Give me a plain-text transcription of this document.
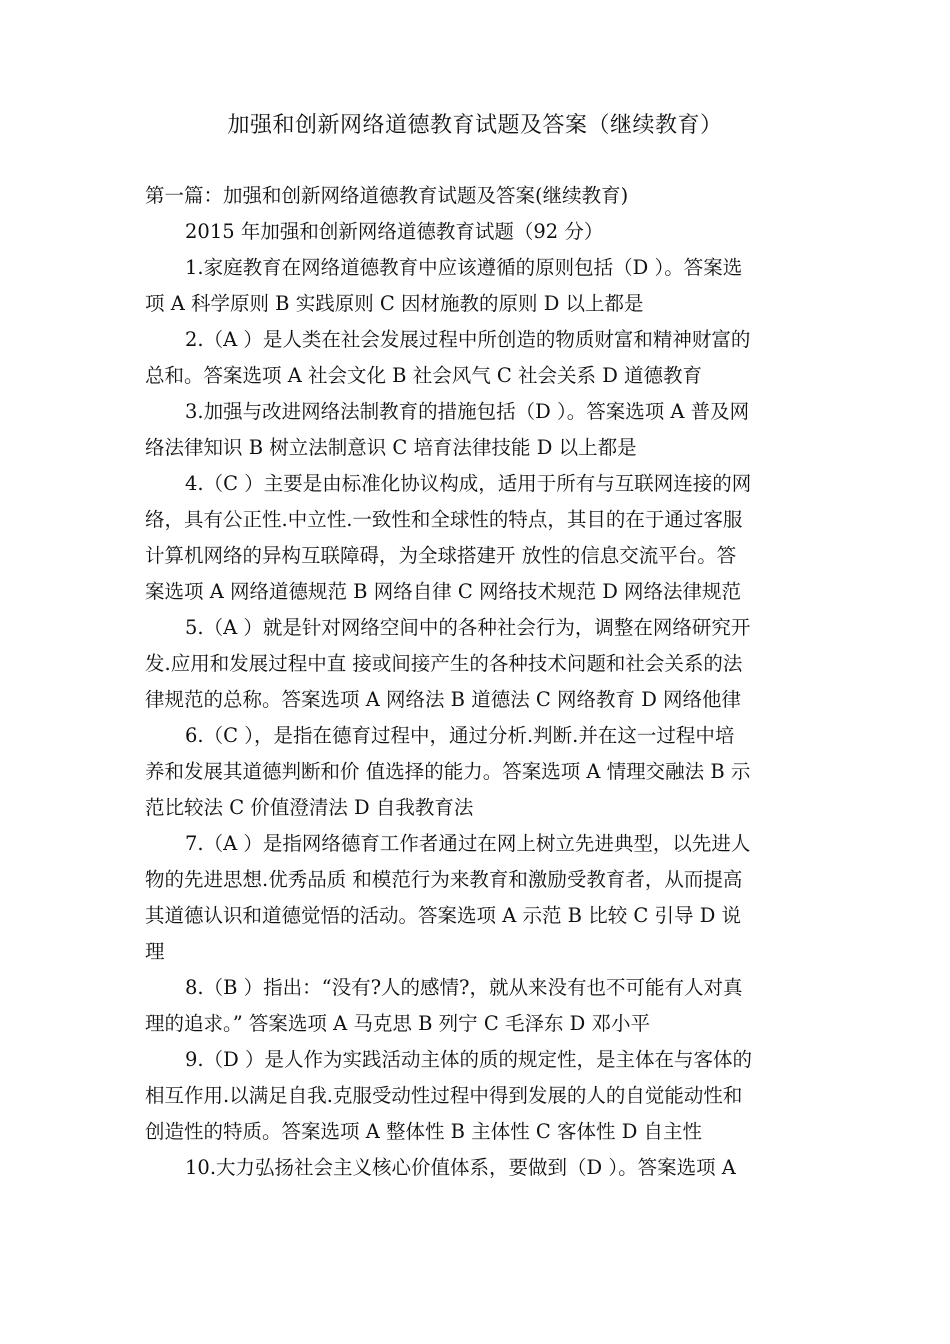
加强和创新网络道德教育试题及答案（继续教育）

第一篇：加强和创新网络道德教育试题及答案(继续教育)

2015 年加强和创新网络道德教育试题（92 分）

1.家庭教育在网络道德教育中应该遵循的原则包括（D ）。答案选
项 A 科学原则 B 实践原则 C 因材施教的原则 D 以上都是

2.（A ）是人类在社会发展过程中所创造的物质财富和精神财富的
总和。答案选项 A 社会文化 B 社会风气 C 社会关系 D 道德教育

3.加强与改进网络法制教育的措施包括（D ）。答案选项 A 普及网
络法律知识 B 树立法制意识 C 培育法律技能 D 以上都是

4.（C ）主要是由标准化协议构成，适用于所有与互联网连接的网
络，具有公正性.中立性.一致性和全球性的特点，其目的在于通过客服
计算机网络的异构互联障碍，为全球搭建开 放性的信息交流平台。答
案选项 A 网络道德规范 B 网络自律 C 网络技术规范 D 网络法律规范

5.（A ）就是针对网络空间中的各种社会行为，调整在网络研究开
发.应用和发展过程中直 接或间接产生的各种技术问题和社会关系的法
律规范的总称。答案选项 A 网络法 B 道德法 C 网络教育 D 网络他律

6.（C ），是指在德育过程中，通过分析.判断.并在这一过程中培
养和发展其道德判断和价 值选择的能力。答案选项 A 情理交融法 B 示
范比较法 C 价值澄清法 D 自我教育法

7.（A ）是指网络德育工作者通过在网上树立先进典型，以先进人
物的先进思想.优秀品质 和模范行为来教育和激励受教育者，从而提高
其道德认识和道德觉悟的活动。答案选项 A 示范 B 比较 C 引导 D 说
理

8.（B ）指出：“没有?人的感情?，就从来没有也不可能有人对真
理的追求。” 答案选项 A 马克思 B 列宁 C 毛泽东 D 邓小平

9.（D ）是人作为实践活动主体的质的规定性，是主体在与客体的
相互作用.以满足自我.克服受动性过程中得到发展的人的自觉能动性和
创造性的特质。答案选项 A 整体性 B 主体性 C 客体性 D 自主性

10.大力弘扬社会主义核心价值体系，要做到（D ）。答案选项 A
